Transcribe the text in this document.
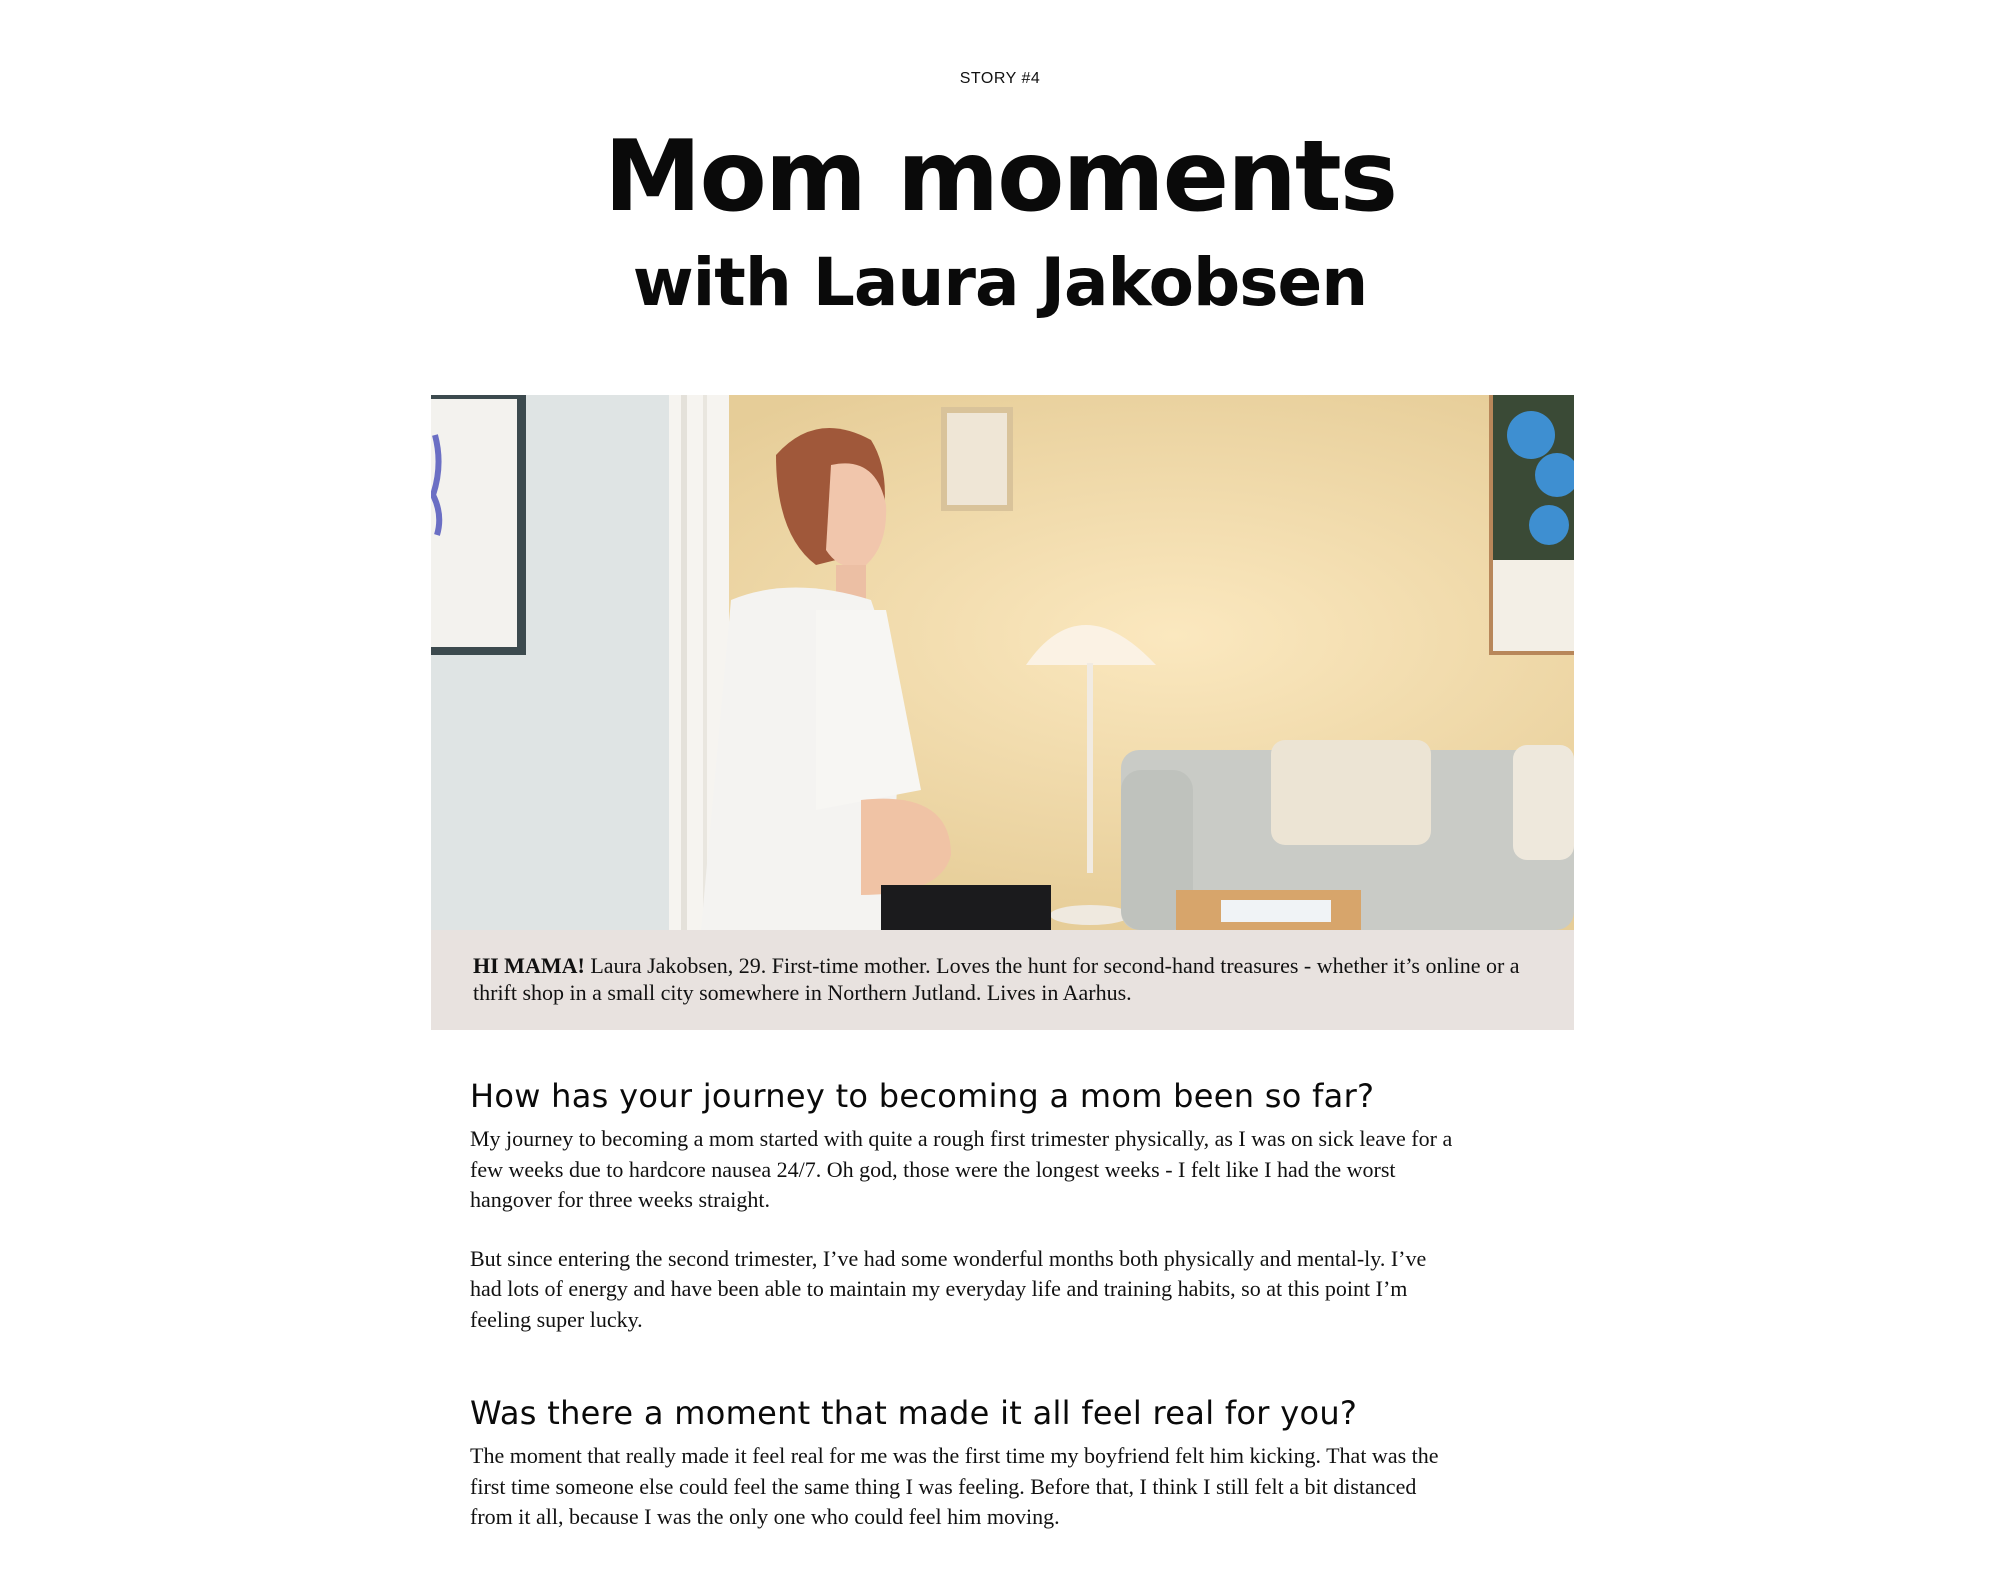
STORY #4
Mom moments
with Laura Jakobsen
HI MAMA! Laura Jakobsen, 29. First-time mother. Loves the hunt for second-hand treasures - whether it’s online or a thrift shop in a small city somewhere in Northern Jutland. Lives in Aarhus.
How has your journey to becoming a mom been so far?

My journey to becoming a mom started with quite a rough first trimester physically, as I was on sick leave for a few weeks due to hardcore nausea 24/7. Oh god, those were the longest weeks - I felt like I had the worst hangover for three weeks straight.

But since entering the second trimester, I’ve had some wonderful months both physically and mental-ly. I’ve had lots of energy and have been able to maintain my everyday life and training habits, so at this point I’m feeling super lucky.

Was there a moment that made it all feel real for you?

The moment that really made it feel real for me was the first time my boyfriend felt him kicking. That was the first time someone else could feel the same thing I was feeling. Before that, I think I still felt a bit distanced from it all, because I was the only one who could feel him moving.
